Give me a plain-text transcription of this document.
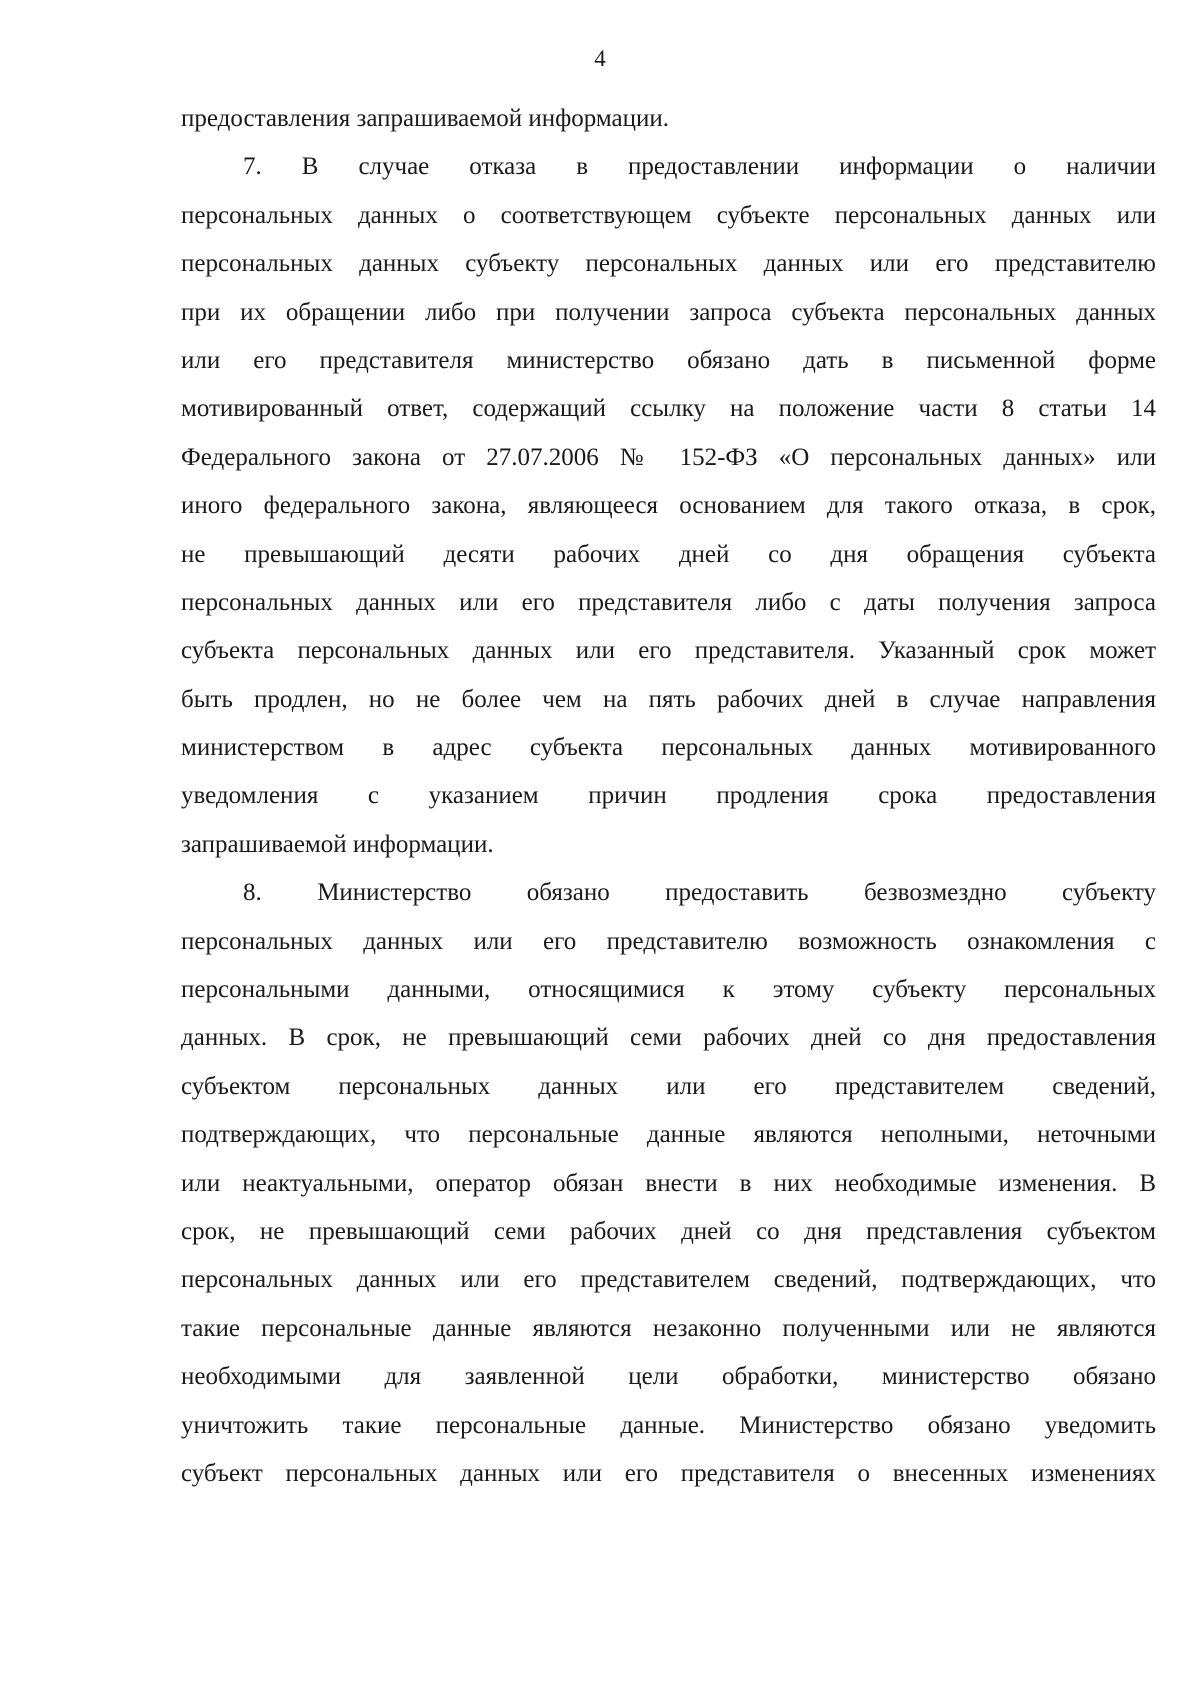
4
предоставления запрашиваемой информации.
7. В случае отказа в предоставлении информации о наличии
персональных данных о соответствующем субъекте персональных данных или
персональных данных субъекту персональных данных или его представителю
при их обращении либо при получении запроса субъекта персональных данных
или его представителя министерство обязано дать в письменной форме
мотивированный ответ, содержащий ссылку на положение части 8 статьи 14
Федерального закона от 27.07.2006 № 152-ФЗ «О персональных данных» или
иного федерального закона, являющееся основанием для такого отказа, в срок,
не превышающий десяти рабочих дней со дня обращения субъекта
персональных данных или его представителя либо с даты получения запроса
субъекта персональных данных или его представителя. Указанный срок может
быть продлен, но не более чем на пять рабочих дней в случае направления
министерством в адрес субъекта персональных данных мотивированного
уведомления с указанием причин продления срока предоставления
запрашиваемой информации.
8. Министерство обязано предоставить безвозмездно субъекту
персональных данных или его представителю возможность ознакомления с
персональными данными, относящимися к этому субъекту персональных
данных. В срок, не превышающий семи рабочих дней со дня предоставления
субъектом персональных данных или его представителем сведений,
подтверждающих, что персональные данные являются неполными, неточными
или неактуальными, оператор обязан внести в них необходимые изменения. В
срок, не превышающий семи рабочих дней со дня представления субъектом
персональных данных или его представителем сведений, подтверждающих, что
такие персональные данные являются незаконно полученными или не являются
необходимыми для заявленной цели обработки, министерство обязано
уничтожить такие персональные данные. Министерство обязано уведомить
субъект персональных данных или его представителя о внесенных изменениях
